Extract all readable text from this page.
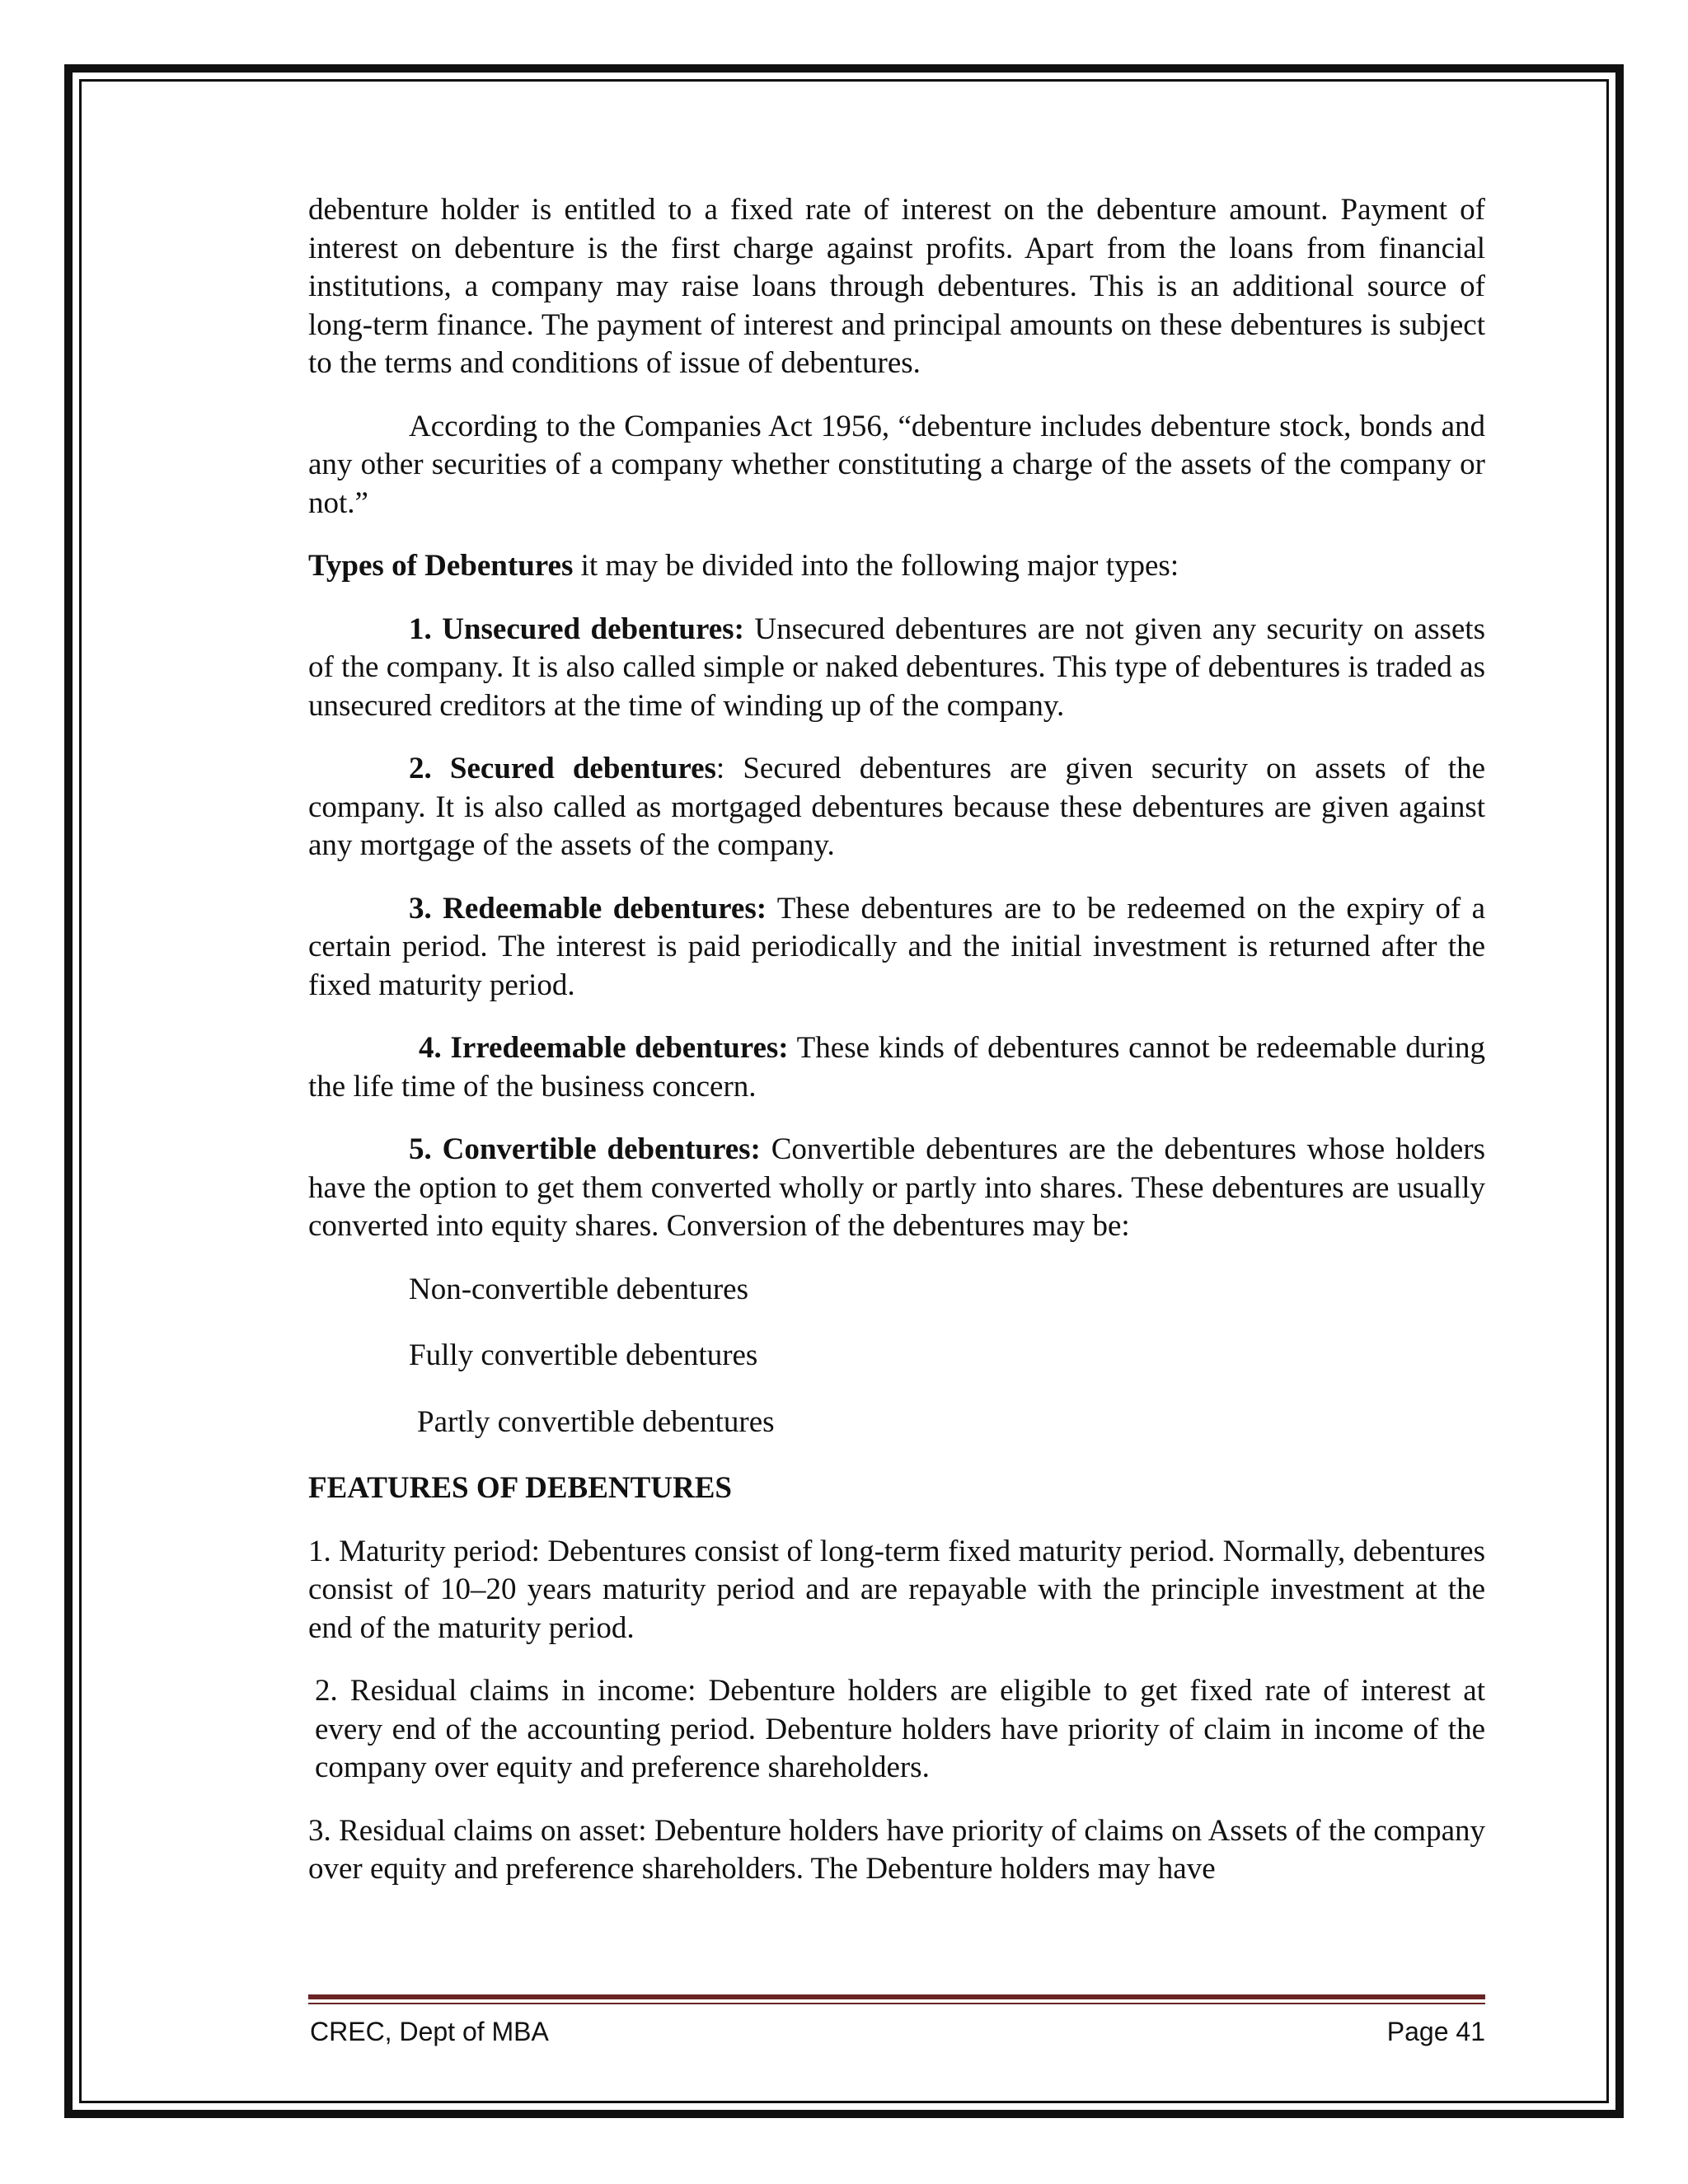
debenture holder is entitled to a fixed rate of interest on the debenture amount. Payment of interest on debenture is the first charge against profits. Apart from the loans from financial institutions, a company may raise loans through debentures. This is an additional source of long-term finance. The payment of interest and principal amounts on these debentures is subject to the terms and conditions of issue of debentures.

According to the Companies Act 1956, “debenture includes debenture stock, bonds and any other securities of a company whether constituting a charge of the assets of the company or not.”

Types of Debentures it may be divided into the following major types:

1. Unsecured debentures: Unsecured debentures are not given any security on assets of the company. It is also called simple or naked debentures. This type of debentures is traded as unsecured creditors at the time of winding up of the company.

2. Secured debentures: Secured debentures are given security on assets of the company. It is also called as mortgaged debentures because these debentures are given against any mortgage of the assets of the company.

3. Redeemable debentures: These debentures are to be redeemed on the expiry of a certain period. The interest is paid periodically and the initial investment is returned after the fixed maturity period.

4. Irredeemable debentures: These kinds of debentures cannot be redeemable during the life time of the business concern.

5. Convertible debentures: Convertible debentures are the debentures whose holders have the option to get them converted wholly or partly into shares. These debentures are usually converted into equity shares. Conversion of the debentures may be:

Non-convertible debentures

Fully convertible debentures

Partly convertible debentures

FEATURES OF DEBENTURES

1. Maturity period: Debentures consist of long-term fixed maturity period. Normally, debentures consist of 10–20 years maturity period and are repayable with the principle investment at the end of the maturity period.

2. Residual claims in income: Debenture holders are eligible to get fixed rate of interest at every end of the accounting period. Debenture holders have priority of claim in income of the company over equity and preference shareholders.

3. Residual claims on asset: Debenture holders have priority of claims on Assets of the company over equity and preference shareholders. The Debenture holders may have

CREC, Dept of MBA	Page 41
